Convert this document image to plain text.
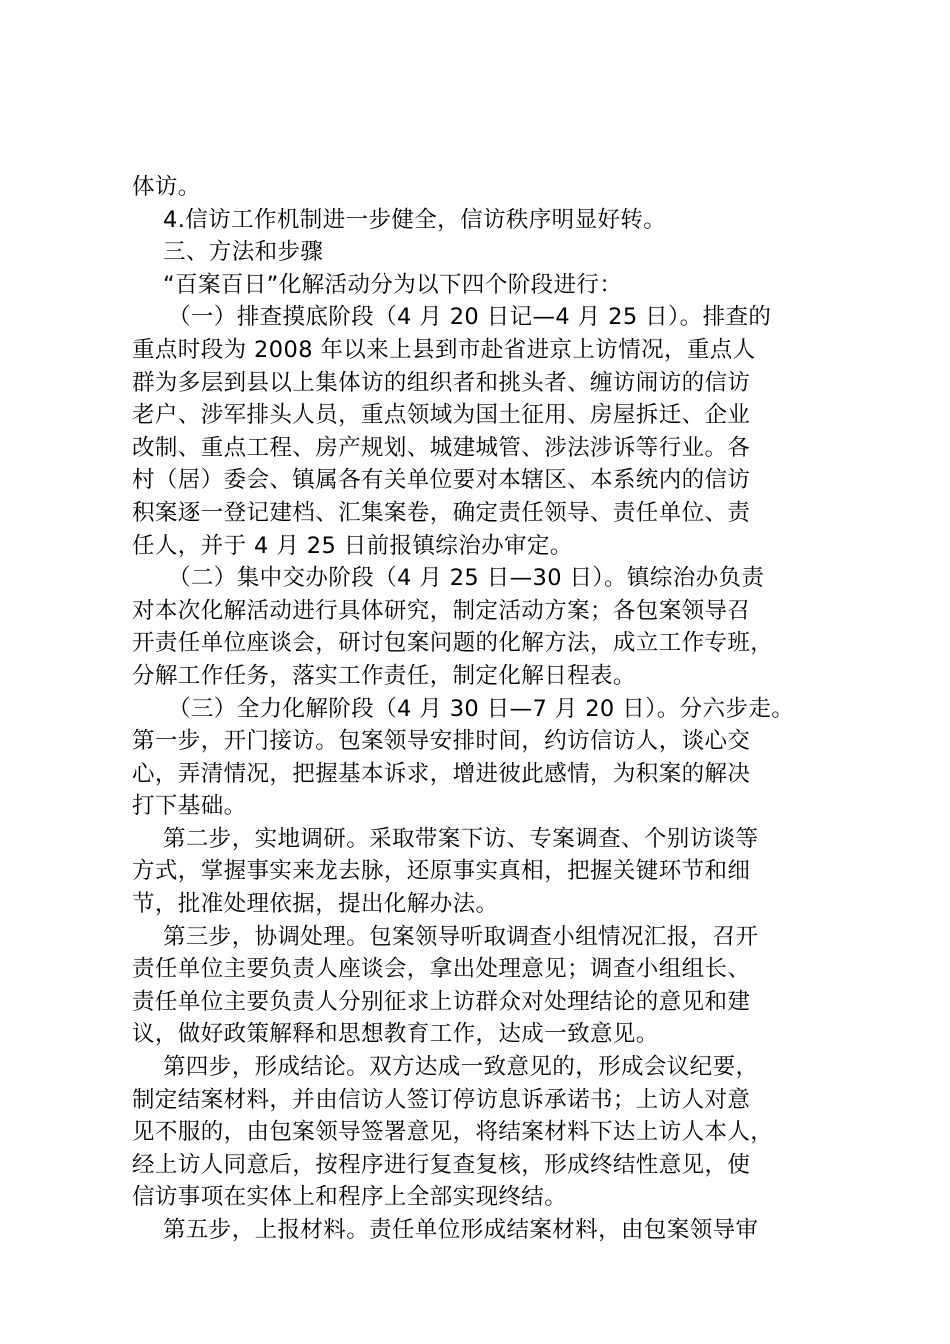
体访。
4.信访工作机制进一步健全，信访秩序明显好转。
三、方法和步骤
“百案百日”化解活动分为以下四个阶段进行：
（一）排查摸底阶段（4 月 20 日记—4 月 25 日）。排查的
重点时段为 2008 年以来上县到市赴省进京上访情况，重点人
群为多层到县以上集体访的组织者和挑头者、缠访闹访的信访
老户、涉军排头人员，重点领域为国土征用、房屋拆迁、企业
改制、重点工程、房产规划、城建城管、涉法涉诉等行业。各
村（居）委会、镇属各有关单位要对本辖区、本系统内的信访
积案逐一登记建档、汇集案卷，确定责任领导、责任单位、责
任人，并于 4 月 25 日前报镇综治办审定。
（二）集中交办阶段（4 月 25 日—30 日）。镇综治办负责
对本次化解活动进行具体研究，制定活动方案；各包案领导召
开责任单位座谈会，研讨包案问题的化解方法，成立工作专班，
分解工作任务，落实工作责任，制定化解日程表。
（三）全力化解阶段（4 月 30 日—7 月 20 日）。分六步走。
第一步，开门接访。包案领导安排时间，约访信访人，谈心交
心，弄清情况，把握基本诉求，增进彼此感情，为积案的解决
打下基础。
第二步，实地调研。采取带案下访、专案调查、个别访谈等
方式，掌握事实来龙去脉，还原事实真相，把握关键环节和细
节，批准处理依据，提出化解办法。
第三步，协调处理。包案领导听取调查小组情况汇报，召开
责任单位主要负责人座谈会，拿出处理意见；调查小组组长、
责任单位主要负责人分别征求上访群众对处理结论的意见和建
议，做好政策解释和思想教育工作，达成一致意见。
第四步，形成结论。双方达成一致意见的，形成会议纪要，
制定结案材料，并由信访人签订停访息诉承诺书；上访人对意
见不服的，由包案领导签署意见，将结案材料下达上访人本人，
经上访人同意后，按程序进行复查复核，形成终结性意见，使
信访事项在实体上和程序上全部实现终结。
第五步，上报材料。责任单位形成结案材料，由包案领导审
